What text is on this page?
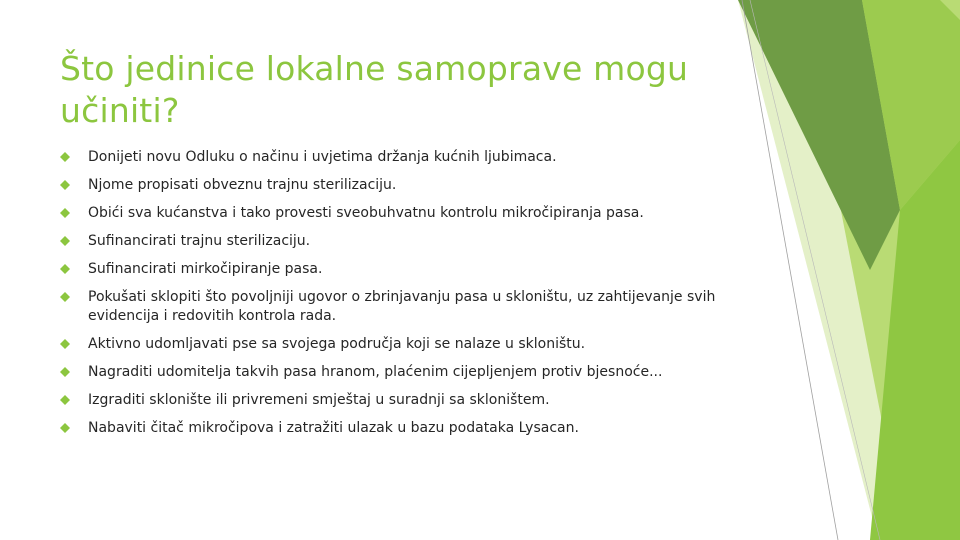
Što jedinice lokalne samoprave mogu učiniti?
Donijeti novu Odluku o načinu i uvjetima držanja kućnih ljubimaca.
Njome propisati obveznu trajnu sterilizaciju.
Obići sva kućanstva i tako provesti sveobuhvatnu kontrolu mikročipiranja pasa.
Sufinancirati trajnu sterilizaciju.
Sufinancirati mirkočipiranje pasa.
Pokušati sklopiti što povoljniji ugovor o zbrinjavanju pasa u skloništu, uz zahtijevanje svih evidencija i redovitih kontrola rada.
Aktivno udomljavati pse sa svojega područja koji se nalaze u skloništu.
Nagraditi udomitelja takvih pasa hranom, plaćenim cijepljenjem protiv bjesnoće...
Izgraditi sklonište ili privremeni smještaj u suradnji sa skloništem.
Nabaviti čitač mikročipova i zatražiti ulazak u bazu podataka Lysacan.
